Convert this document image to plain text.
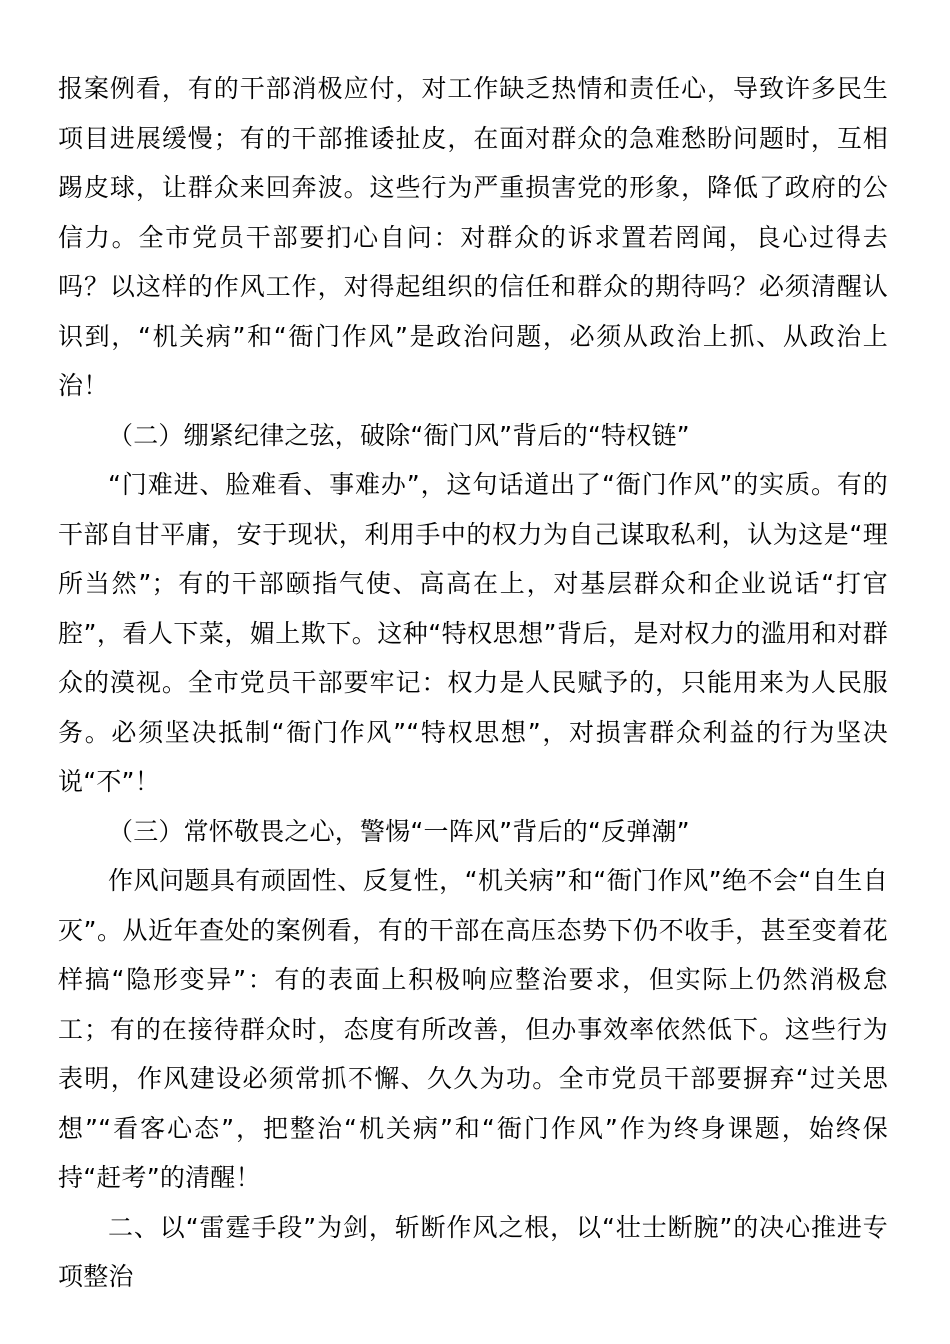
报案例看，有的干部消极应付，对工作缺乏热情和责任心，导致许多民生项目进展缓慢；有的干部推诿扯皮，在面对群众的急难愁盼问题时，互相踢皮球，让群众来回奔波。这些行为严重损害党的形象，降低了政府的公信力。全市党员干部要扪心自问：对群众的诉求置若罔闻，良心过得去吗？以这样的作风工作，对得起组织的信任和群众的期待吗？必须清醒认识到，“机关病”和“衙门作风”是政治问题，必须从政治上抓、从政治上治！

（二）绷紧纪律之弦，破除“衙门风”背后的“特权链”

“门难进、脸难看、事难办”，这句话道出了“衙门作风”的实质。有的干部自甘平庸，安于现状，利用手中的权力为自己谋取私利，认为这是“理所当然”；有的干部颐指气使、高高在上，对基层群众和企业说话“打官腔”，看人下菜，媚上欺下。这种“特权思想”背后，是对权力的滥用和对群众的漠视。全市党员干部要牢记：权力是人民赋予的，只能用来为人民服务。必须坚决抵制“衙门作风”“特权思想”，对损害群众利益的行为坚决说“不”！

（三）常怀敬畏之心，警惕“一阵风”背后的“反弹潮”

作风问题具有顽固性、反复性，“机关病”和“衙门作风”绝不会“自生自灭”。从近年查处的案例看，有的干部在高压态势下仍不收手，甚至变着花样搞“隐形变异”：有的表面上积极响应整治要求，但实际上仍然消极怠工；有的在接待群众时，态度有所改善，但办事效率依然低下。这些行为表明，作风建设必须常抓不懈、久久为功。全市党员干部要摒弃“过关思想”“看客心态”，把整治“机关病”和“衙门作风”作为终身课题，始终保持“赶考”的清醒！

二、以“雷霆手段”为剑，斩断作风之根，以“壮士断腕”的决心推进专项整治
